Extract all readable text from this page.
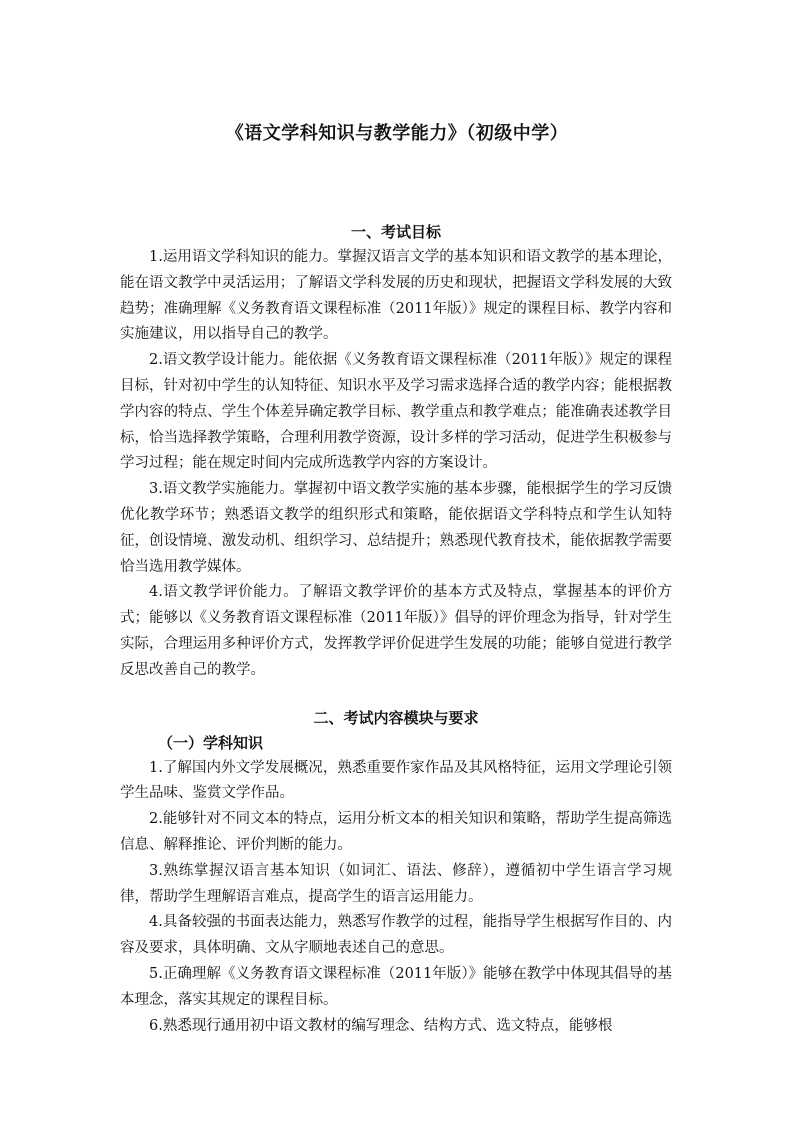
《语文学科知识与教学能力》（初级中学）

一、考试目标

1.运用语文学科知识的能力。掌握汉语言文学的基本知识和语文教学的基本理论，能在语文教学中灵活运用；了解语文学科发展的历史和现状，把握语文学科发展的大致趋势；准确理解《义务教育语文课程标准（2011年版）》规定的课程目标、教学内容和实施建议，用以指导自己的教学。

2.语文教学设计能力。能依据《义务教育语文课程标准（2011年版）》规定的课程目标，针对初中学生的认知特征、知识水平及学习需求选择合适的教学内容；能根据教学内容的特点、学生个体差异确定教学目标、教学重点和教学难点；能准确表述教学目标，恰当选择教学策略，合理利用教学资源，设计多样的学习活动，促进学生积极参与学习过程；能在规定时间内完成所选教学内容的方案设计。

3.语文教学实施能力。掌握初中语文教学实施的基本步骤，能根据学生的学习反馈优化教学环节；熟悉语文教学的组织形式和策略，能依据语文学科特点和学生认知特征，创设情境、激发动机、组织学习、总结提升；熟悉现代教育技术，能依据教学需要恰当选用教学媒体。

4.语文教学评价能力。了解语文教学评价的基本方式及特点，掌握基本的评价方式；能够以《义务教育语文课程标准（2011年版）》倡导的评价理念为指导，针对学生实际，合理运用多种评价方式，发挥教学评价促进学生发展的功能；能够自觉进行教学反思改善自己的教学。

二、考试内容模块与要求

（一）学科知识

1.了解国内外文学发展概况，熟悉重要作家作品及其风格特征，运用文学理论引领学生品味、鉴赏文学作品。

2.能够针对不同文本的特点，运用分析文本的相关知识和策略，帮助学生提高筛选信息、解释推论、评价判断的能力。

3.熟练掌握汉语言基本知识（如词汇、语法、修辞），遵循初中学生语言学习规律，帮助学生理解语言难点，提高学生的语言运用能力。

4.具备较强的书面表达能力，熟悉写作教学的过程，能指导学生根据写作目的、内容及要求，具体明确、文从字顺地表述自己的意思。

5.正确理解《义务教育语文课程标准（2011年版）》能够在教学中体现其倡导的基本理念，落实其规定的课程目标。

6.熟悉现行通用初中语文教材的编写理念、结构方式、选文特点，能够根
